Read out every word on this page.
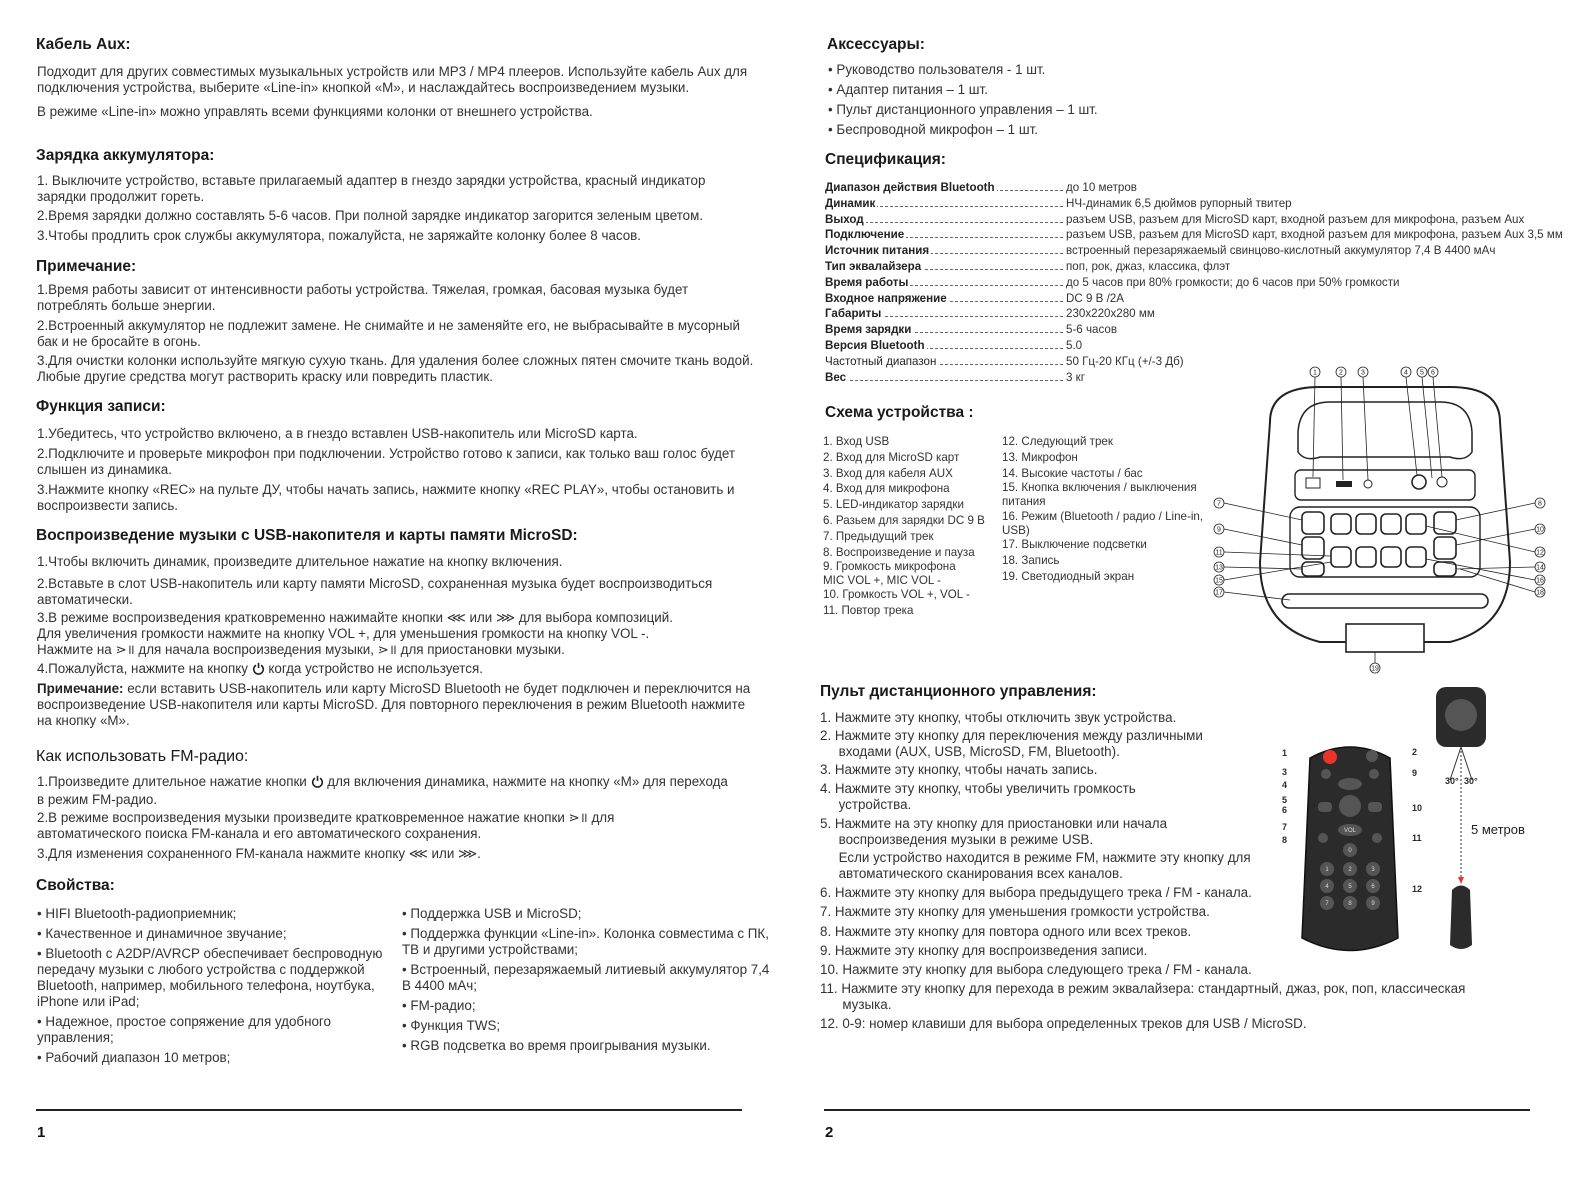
Кабель Aux:

Подходит для других совместимых музыкальных устройств или MP3 / MP4 плееров. Используйте кабель Aux для подключения устройства, выберите «Line-in» кнопкой «M», и наслаждайтесь воспроизведением музыки.

В режиме «Line-in» можно управлять всеми функциями колонки от внешнего устройства.

Зарядка аккумулятора:

1. Выключите устройство, вставьте прилагаемый адаптер в гнездо зарядки устройства, красный индикатор зарядки продолжит гореть.

2.Время зарядки должно составлять 5-6 часов. При полной зарядке индикатор загорится зеленым цветом.

3.Чтобы продлить срок службы аккумулятора, пожалуйста, не заряжайте колонку более 8 часов.

Примечание:

1.Время работы зависит от интенсивности работы устройства. Тяжелая, громкая, басовая музыка будет потреблять больше энергии.

2.Встроенный аккумулятор не подлежит замене. Не снимайте и не заменяйте его, не выбрасывайте в мусорный бак и не бросайте в огонь.

3.Для очистки колонки используйте мягкую сухую ткань. Для удаления более сложных пятен смочите ткань водой. Любые другие средства могут растворить краску или повредить пластик.

Функция записи:

1.Убедитесь, что устройство включено, а в гнездо вставлен USB-накопитель или MicroSD карта.

2.Подключите и проверьте микрофон при подключении. Устройство готово к записи, как только ваш голос будет слышен из динамика.

3.Нажмите кнопку «REC» на пульте ДУ, чтобы начать запись, нажмите кнопку «REC PLAY», чтобы остановить и воспроизвести запись.

Воспроизведение музыки с USB-накопителя и карты памяти MicroSD:

1.Чтобы включить динамик, произведите длительное нажатие на кнопку включения.

2.Вставьте в слот USB-накопитель или карту памяти MicroSD, сохраненная музыка будет воспроизводиться автоматически.

3.В режиме воспроизведения кратковременно нажимайте кнопки ⋘ или ⋙ для выбора композиций.

Для увеличения громкости нажмите на кнопку VOL +, для уменьшения громкости на кнопку VOL -.

Нажмите на ⋗॥ для начала воспроизведения музыки, ⋗॥ для приостановки музыки.

4.Пожалуйста, нажмите на кнопку когда устройство не используется.

Примечание: если вставить USB-накопитель или карту MicroSD Bluetooth не будет подключен и переключится на воспроизведение USB-накопителя или карты MicroSD. Для повторного переключения в режим Bluetooth нажмите на кнопку «M».

Как использовать FM-радио:

1.Произведите длительное нажатие кнопки для включения динамика, нажмите на кнопку «M» для перехода в режим FM-радио.

2.В режиме воспроизведения музыки произведите кратковременное нажатие кнопки ⋗॥ для автоматического поиска FM-канала и его автоматического сохранения.

3.Для изменения сохраненного FM-канала нажмите кнопку ⋘ или ⋙.

Свойства:

• HIFI Bluetooth-радиоприемник;

• Качественное и динамичное звучание;

• Bluetooth с A2DP/AVRCP обеспечивает беспроводную передачу музыки с любого устройства с поддержкой Bluetooth, например, мобильного телефона, ноутбука, iPhone или iPad;

• Надежное, простое сопряжение для удобного управления;

• Рабочий диапазон 10 метров;

• Поддержка USB и MicroSD;

• Поддержка функции «Line-in». Колонка совместима с ПК, ТВ и другими устройствами;

• Встроенный, перезаряжаемый литиевый аккумулятор 7,4 В 4400 мАч;

• FM-радио;

• Функция TWS;

• RGB подсветка во время проигрывания музыки.

1
Аксессуары:

• Руководство пользователя - 1 шт.

• Адаптер питания – 1 шт.

• Пульт дистанционного управления – 1 шт.

• Беспроводной микрофон – 1 шт.

Спецификация:
Диапазон действия Bluetooth	до 10 метров
Динамик	НЧ-динамик 6,5 дюймов рупорный твитер
Выход	разъем USB, разъем для MicroSD карт, входной разъем для микрофона, разъем Aux
Подключение	разъем USB, разъем для MicroSD карт, входной разъем для микрофона, разъем Aux 3,5 мм
Источник питания	встроенный перезаряжаемый свинцово-кислотный аккумулятор 7,4 В 4400 мАч
Тип эквалайзера	поп, рок, джаз, классика, флэт
Время работы	до 5 часов при 80% громкости; до 6 часов при 50% громкости
Входное напряжение	DC 9 В /2А
Габариты	230х220х280 мм
Время зарядки	5-6 часов
Версия Bluetooth	5.0
Частотный диапазон	50 Гц-20 КГц (+/-3 Дб)
Вес	3 кг
Схема устройства :
1. Вход USB
2. Вход для MicroSD карт
3. Вход для кабеля AUX
4. Вход для микрофона
5. LED-индикатор зарядки
6. Разьем для зарядки DC 9 В
7. Предыдущий трек
8. Воспроизведение и пауза
9. Громкость микрофона
MIC VOL +, MIC VOL -
10. Громкость VOL +, VOL -
11. Повтор трека
12. Следующий трек
13. Микрофон
14. Высокие частоты / бас
15. Кнопка включения / выключения
питания
16. Режим (Bluetooth / радио / Line-in,
USB)
17. Выключение подсветки
18. Запись
19. Светодиодный экран
1	2	3	4 5 6
7
9
11
13
15
17
8
10
12
14
16
18
19
Пульт дистанционного управления:
1. Нажмите эту кнопку, чтобы отключить звук устройства.
2. Нажмите эту кнопку для переключения между различными
входами (AUX, USB, MicroSD, FM, Bluetooth).
3. Нажмите эту кнопку, чтобы начать запись.
4. Нажмите эту кнопку, чтобы увеличить громкость
устройства.
5. Нажмите на эту кнопку для приостановки или начала
воспроизведения музыки в режиме USB.
Если устройство находится в режиме FM, нажмите эту кнопку для
автоматического сканирования всех каналов.
6. Нажмите эту кнопку для выбора предыдущего трека / FM - канала.
7. Нажмите эту кнопку для уменьшения громкости устройства.
8. Нажмите эту кнопку для повтора одного или всех треков.
9. Нажмите эту кнопку для воспроизведения записи.
10. Нажмите эту кнопку для выбора следующего трека / FM - канала.
11. Нажмите эту кнопку для перехода в режим эквалайзера: стандартный, джаз, рок, поп, классическая
музыка.
12. 0-9: номер клавиши для выбора определенных треков для USB / MicroSD.
VOL
0
1	2	3
4	5	6
7	8	9
1
3
4
5
6
7
8
2
9
10
11
12
30° 30°
5 метров
2
